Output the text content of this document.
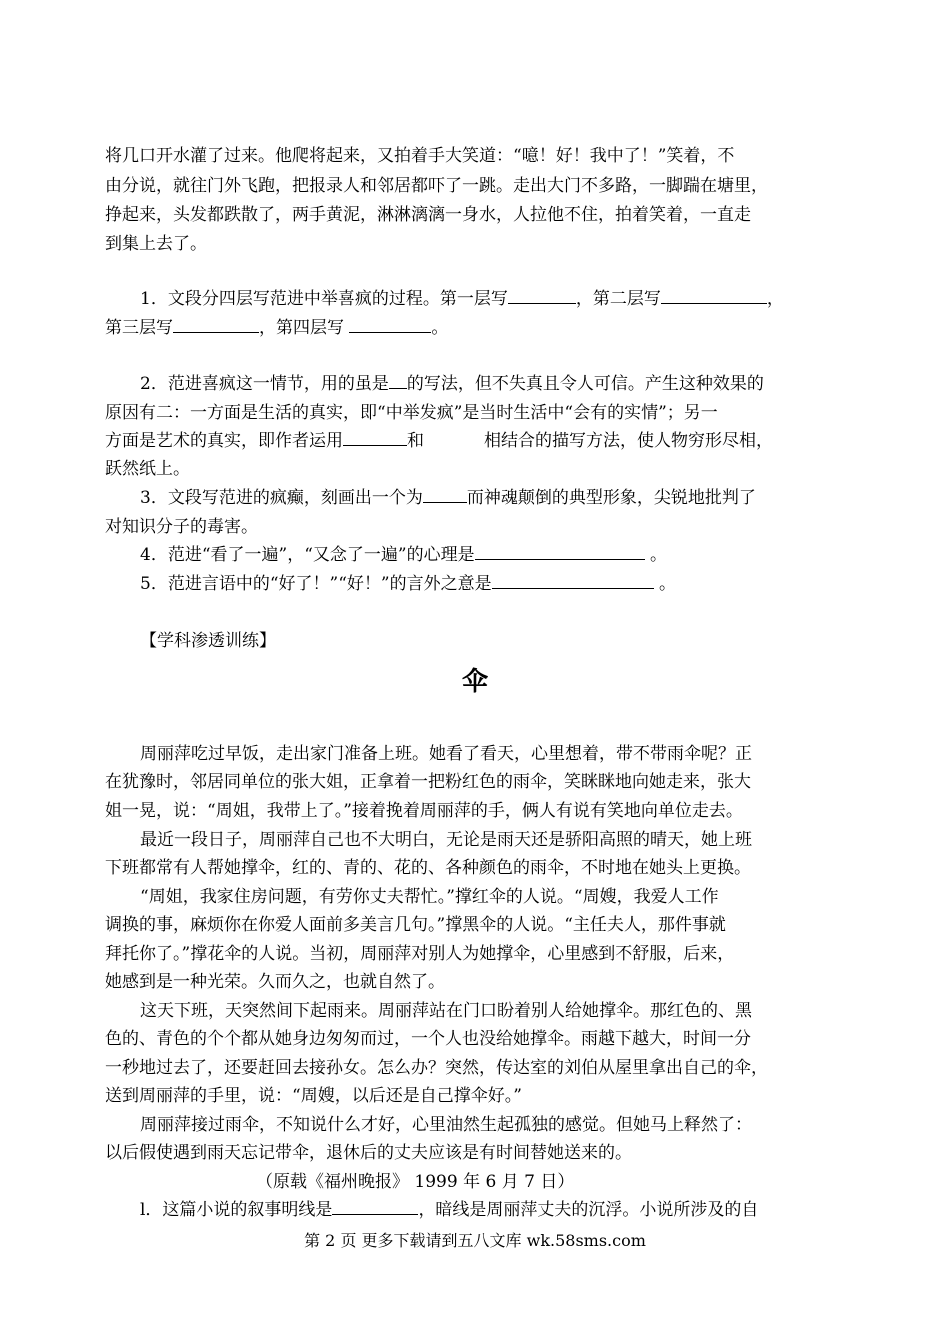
将几口开水灌了过来。他爬将起来，又拍着手大笑道：“噫！好！我中了！”笑着，不
由分说，就往门外飞跑，把报录人和邻居都吓了一跳。走出大门不多路，一脚踹在塘里，
挣起来，头发都跌散了，两手黄泥，淋淋漓漓一身水，人拉他不住，拍着笑着，一直走
到集上去了。
1．文段分四层写范进中举喜疯的过程。第一层写	，第二层写	，
第三层写	，第四层写	。
2．范进喜疯这一情节，用的虽是 的写法，但不失真且令人可信。产生这种效果的
原因有二：一方面是生活的真实，即“中举发疯”是当时生活中“会有的实情”；另一
方面是艺术的真实，即作者运用	和	相结合的描写方法，使人物穷形尽相，
跃然纸上。
3．文段写范进的疯癫，刻画出一个为	而神魂颠倒的典型形象，尖锐地批判了
对知识分子的毒害。
4．范进“看了一遍”，“又念了一遍”的心理是	。
5．范进言语中的“好了！”“好！”的言外之意是	。
【学科渗透训练】
伞
周丽萍吃过早饭，走出家门准备上班。她看了看天，心里想着，带不带雨伞呢？正
在犹豫时，邻居同单位的张大姐，正拿着一把粉红色的雨伞，笑眯眯地向她走来，张大
姐一晃，说：“周姐，我带上了。”接着挽着周丽萍的手，俩人有说有笑地向单位走去。
最近一段日子，周丽萍自己也不大明白，无论是雨天还是骄阳高照的晴天，她上班
下班都常有人帮她撑伞，红的、青的、花的、各种颜色的雨伞，不时地在她头上更换。
“周姐，我家住房问题，有劳你丈夫帮忙。”撑红伞的人说。“周嫂，我爱人工作
调换的事，麻烦你在你爱人面前多美言几句。”撑黑伞的人说。“主任夫人，那件事就
拜托你了。”撑花伞的人说。当初，周丽萍对别人为她撑伞，心里感到不舒服，后来，
她感到是一种光荣。久而久之，也就自然了。
这天下班，天突然间下起雨来。周丽萍站在门口盼着别人给她撑伞。那红色的、黑
色的、青色的个个都从她身边匆匆而过，一个人也没给她撑伞。雨越下越大，时间一分
一秒地过去了，还要赶回去接孙女。怎么办？突然，传达室的刘伯从屋里拿出自己的伞，
送到周丽萍的手里，说：“周嫂，以后还是自己撑伞好。”
周丽萍接过雨伞，不知说什么才好，心里油然生起孤独的感觉。但她马上释然了：
以后假使遇到雨天忘记带伞，退休后的丈夫应该是有时间替她送来的。
（原载《福州晚报》 1999 年 6 月 7 日）
l．这篇小说的叙事明线是	，暗线是周丽萍丈夫的沉浮。小说所涉及的自
第 2 页 更多下载请到五八文库 wk.58sms.com
